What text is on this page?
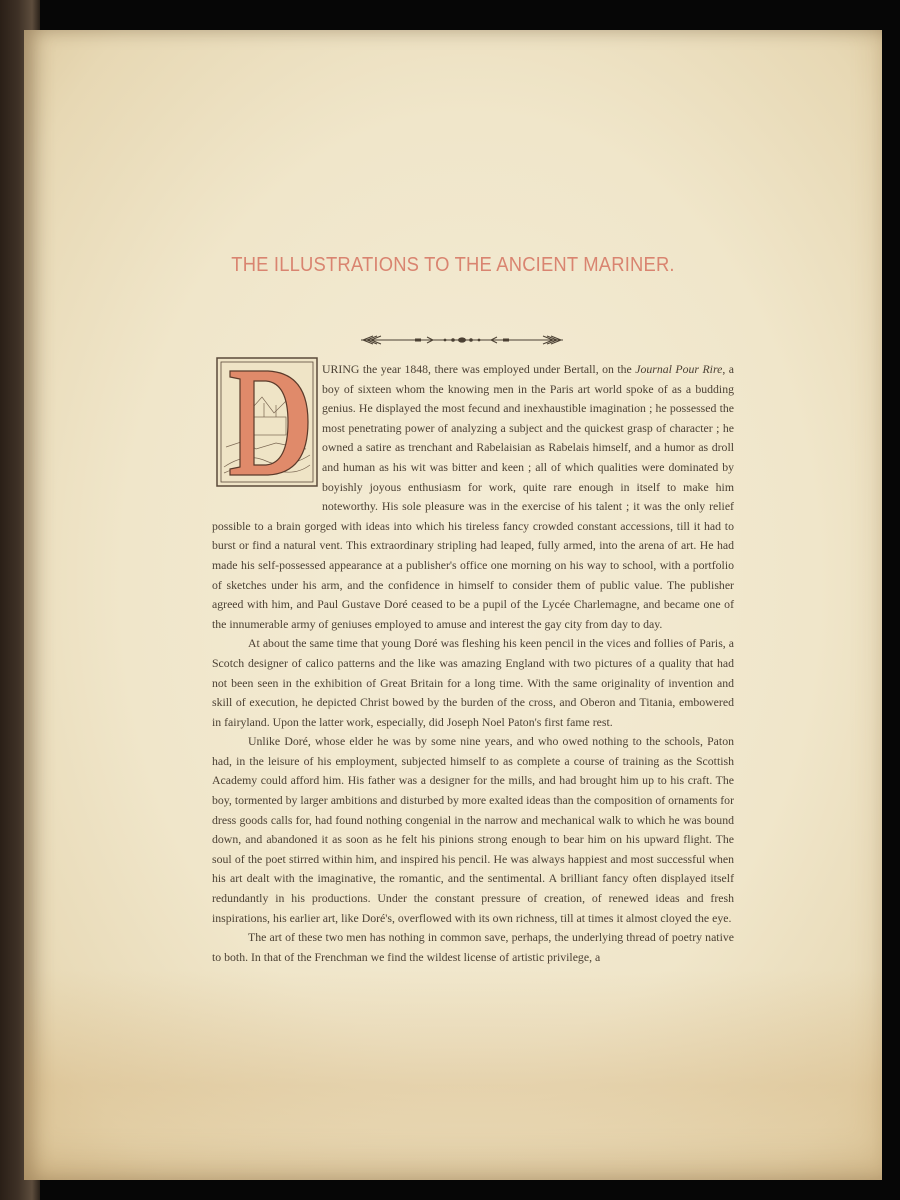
THE ILLUSTRATIONS TO THE ANCIENT MARINER.

URING the year 1848, there was employed under Bertall, on the Journal Pour Rire, a boy of sixteen whom the knowing men in the Paris art world spoke of as a budding genius. He displayed the most fecund and inexhaustible imagination ; he possessed the most penetrating power of analyzing a subject and the quickest grasp of character ; he owned a satire as trenchant and Rabelaisian as Rabelais himself, and a humor as droll and human as his wit was bitter and keen ; all of which qualities were dominated by boyishly joyous enthusiasm for work, quite rare enough in itself to make him noteworthy. His sole pleasure was in the exercise of his talent ; it was the only relief possible to a brain gorged with ideas into which his tireless fancy crowded constant accessions, till it had to burst or find a natural vent. This extraordinary stripling had leaped, fully armed, into the arena of art. He had made his self-possessed appearance at a publisher's office one morning on his way to school, with a portfolio of sketches under his arm, and the confidence in himself to consider them of public value. The publisher agreed with him, and Paul Gustave Doré ceased to be a pupil of the Lycée Charlemagne, and became one of the innumerable army of geniuses employed to amuse and interest the gay city from day to day.

At about the same time that young Doré was fleshing his keen pencil in the vices and follies of Paris, a Scotch designer of calico patterns and the like was amazing England with two pictures of a quality that had not been seen in the exhibition of Great Britain for a long time. With the same originality of invention and skill of execution, he depicted Christ bowed by the burden of the cross, and Oberon and Titania, embowered in fairyland. Upon the latter work, especially, did Joseph Noel Paton's first fame rest.

Unlike Doré, whose elder he was by some nine years, and who owed nothing to the schools, Paton had, in the leisure of his employment, subjected himself to as complete a course of training as the Scottish Academy could afford him. His father was a designer for the mills, and had brought him up to his craft. The boy, tormented by larger ambitions and disturbed by more exalted ideas than the composition of ornaments for dress goods calls for, had found nothing congenial in the narrow and mechanical walk to which he was bound down, and abandoned it as soon as he felt his pinions strong enough to bear him on his upward flight. The soul of the poet stirred within him, and inspired his pencil. He was always happiest and most successful when his art dealt with the imaginative, the romantic, and the sentimental. A brilliant fancy often displayed itself redundantly in his productions. Under the constant pressure of creation, of renewed ideas and fresh inspirations, his earlier art, like Doré's, overflowed with its own richness, till at times it almost cloyed the eye.

The art of these two men has nothing in common save, perhaps, the underlying thread of poetry native to both. In that of the Frenchman we find the wildest license of artistic privilege, a
